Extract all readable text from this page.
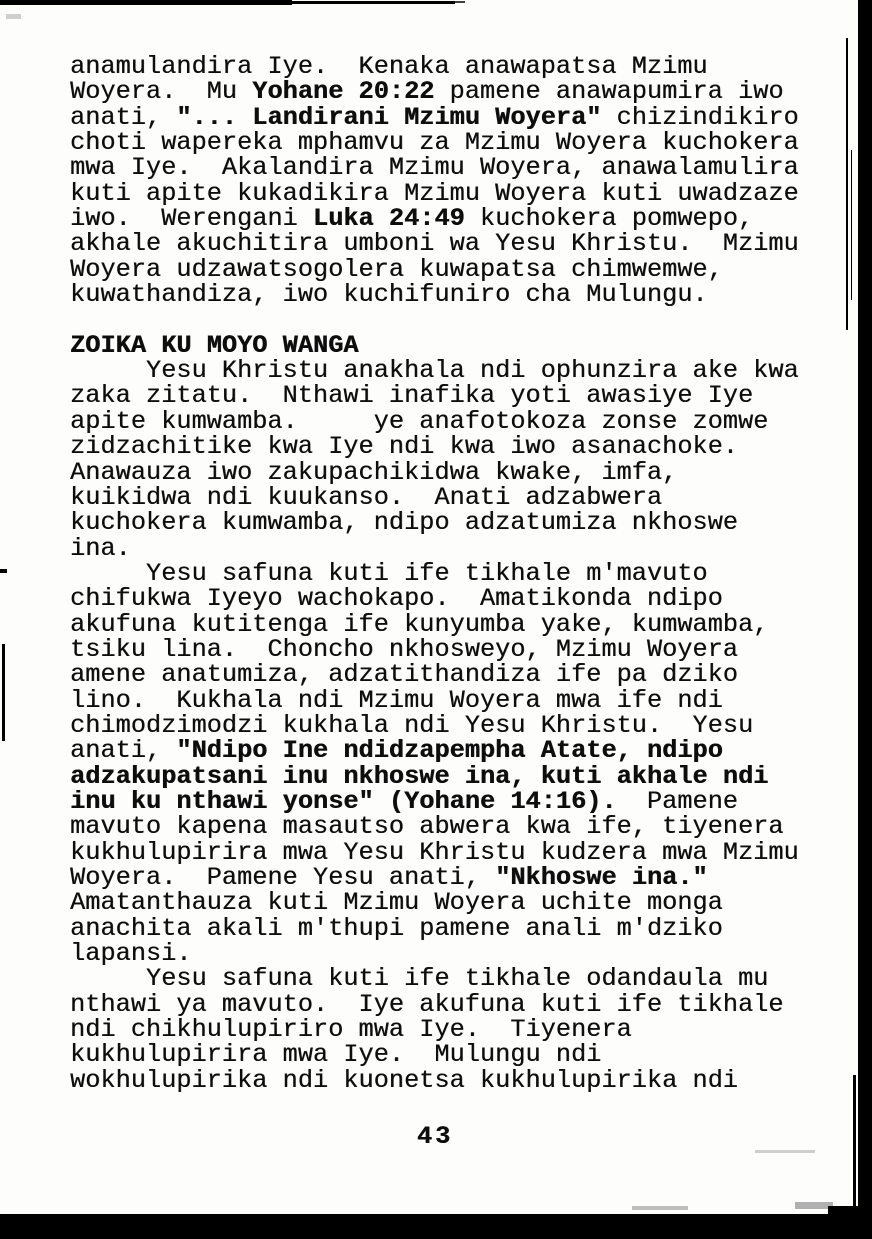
anamulandira Iye.  Kenaka anawapatsa Mzimu
Woyera.  Mu Yohane 20:22 pamene anawapumira iwo
anati, "... Landirani Mzimu Woyera" chizindikiro
choti wapereka mphamvu za Mzimu Woyera kuchokera
mwa Iye.  Akalandira Mzimu Woyera, anawalamulira
kuti apite kukadikira Mzimu Woyera kuti uwadzaze
iwo.  Werengani Luka 24:49 kuchokera pomwepo,
akhale akuchitira umboni wa Yesu Khristu.  Mzimu
Woyera udzawatsogolera kuwapatsa chimwemwe,
kuwathandiza, iwo kuchifuniro cha Mulungu.

ZOIKA KU MOYO WANGA
Yesu Khristu anakhala ndi ophunzira ake kwa
zaka zitatu.  Nthawi inafika yoti awasiye Iye
apite kumwamba.     ye anafotokoza zonse zomwe
zidzachitike kwa Iye ndi kwa iwo asanachoke.
Anawauza iwo zakupachikidwa kwake, imfa,
kuikidwa ndi kuukanso.  Anati adzabwera
kuchokera kumwamba, ndipo adzatumiza nkhoswe
ina.
Yesu safuna kuti ife tikhale m'mavuto
chifukwa Iyeyo wachokapo.  Amatikonda ndipo
akufuna kutitenga ife kunyumba yake, kumwamba,
tsiku lina.  Choncho nkhosweyo, Mzimu Woyera
amene anatumiza, adzatithandiza ife pa dziko
lino.  Kukhala ndi Mzimu Woyera mwa ife ndi
chimodzimodzi kukhala ndi Yesu Khristu.  Yesu
anati, "Ndipo Ine ndidzapempha Atate, ndipo
adzakupatsani inu nkhoswe ina, kuti akhale ndi
inu ku nthawi yonse" (Yohane 14:16).  Pamene
mavuto kapena masautso abwera kwa ife, tiyenera
kukhulupirira mwa Yesu Khristu kudzera mwa Mzimu
Woyera.  Pamene Yesu anati, "Nkhoswe ina."
Amatanthauza kuti Mzimu Woyera uchite monga
anachita akali m'thupi pamene anali m'dziko
lapansi.
Yesu safuna kuti ife tikhale odandaula mu
nthawi ya mavuto.  Iye akufuna kuti ife tikhale
ndi chikhulupiriro mwa Iye.  Tiyenera
kukhulupirira mwa Iye.  Mulungu ndi
wokhulupirika ndi kuonetsa kukhulupirika ndi
43
